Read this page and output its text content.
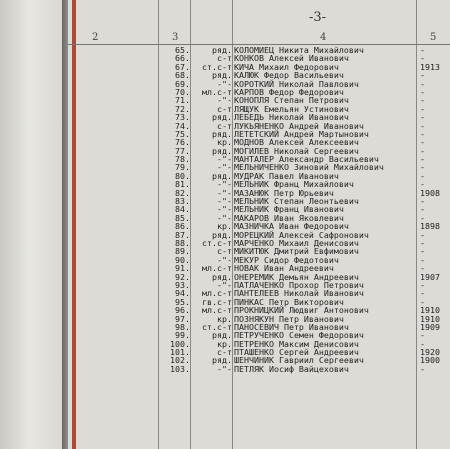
-3-
2	3	4	5
65.	ряд. КОЛОМИЕЦ Никита Михайлович	-
66.	с-т КОНКОВ Алексей Иванович	-
67.	ст.с-т КИЧА Михаил Федорович	1913
68.	ряд. КАЛЮК Федор Васильевич	-
69.	-"- КОРОТКИЙ Николай Павлович	-
70.	мл.с-т КАРПОВ Федор Федорович	-
71.	-"- КОНОПЛЯ Степан Петрович	-
72.	с-т ЛЯЩУК Емельян Устинович	-
73.	ряд. ЛЕБЕДЬ Николай Иванович	-
74.	с-т ЛУКЬЯНЕНКО Андрей Иванович	-
75.	ряд. ЛЕТЕТСКИЙ Андрей Мартынович	-
76.	кр. МОДНОВ Алексей Алексеевич	-
77.	ряд. МОГИЛЕВ Николай Сергеевич	-
78.	-"- МАНТАЛЕР Александр Васильевич	-
79.	-"- МЕЛЬНИЧЕНКО Зиновий Михайлович	-
80.	ряд. МУДРАК Павел Иванович	-
81.	-"- МЕЛЬНИК Франц Михайлович	-
82.	-"- МАЗАНЮК Петр Юрьевич	1908
83.	-"- МЕЛЬНИК Степан Леонтьевич	-
84.	-"- МЕЛЬНИК Франц Иванович	-
85.	-"- МАКАРОВ Иван Яковлевич	-
86.	кр. МАЗНИЧКА Иван Федорович	1898
87.	ряд. МОРЕЦКИЙ Алексей Сафронович	-
88.	ст.с-т МАРЧЕНКО Михаил Денисович	-
89.	с-т МИКИТЮК Дмитрий Евфимович	-
90.	-"- МЕКУР Сидор Федотович	-
91.	мл.с-т НОВАК Иван Андреевич	-
92.	ряд. ОНЕРЕМИК Демьян Андреевич	1907
93.	-"- ПАТЛАЧЕНКО Прохор Петрович	-
94.	мл.с-т ПАНТЕЛЕЕВ Николай Иванович	-
95.	гв.с-т ПИНКАС Петр Викторович	-
96.	мл.с-т ПРОКНИЦКИЙ Людвиг Антонович	1910
97.	кр. ПОЗНЯКУН Петр Иванович	1910
98.	ст.с-т ПАНОСЕВИЧ Петр Иванович	1909
99.	ряд. ПЕТРУЧЕНКО Семен Федорович	-
100.	кр. ПЕТРЕНКО Максим Денисович	-
101.	с-т ПТАШЕНКО Сергей Андреевич	1920
102.	ряд. ШЕНЧИНИК Гавриил Сергеевич	1900
103.	-"- ПЕТЛЯК Иосиф Вайцехович	-
